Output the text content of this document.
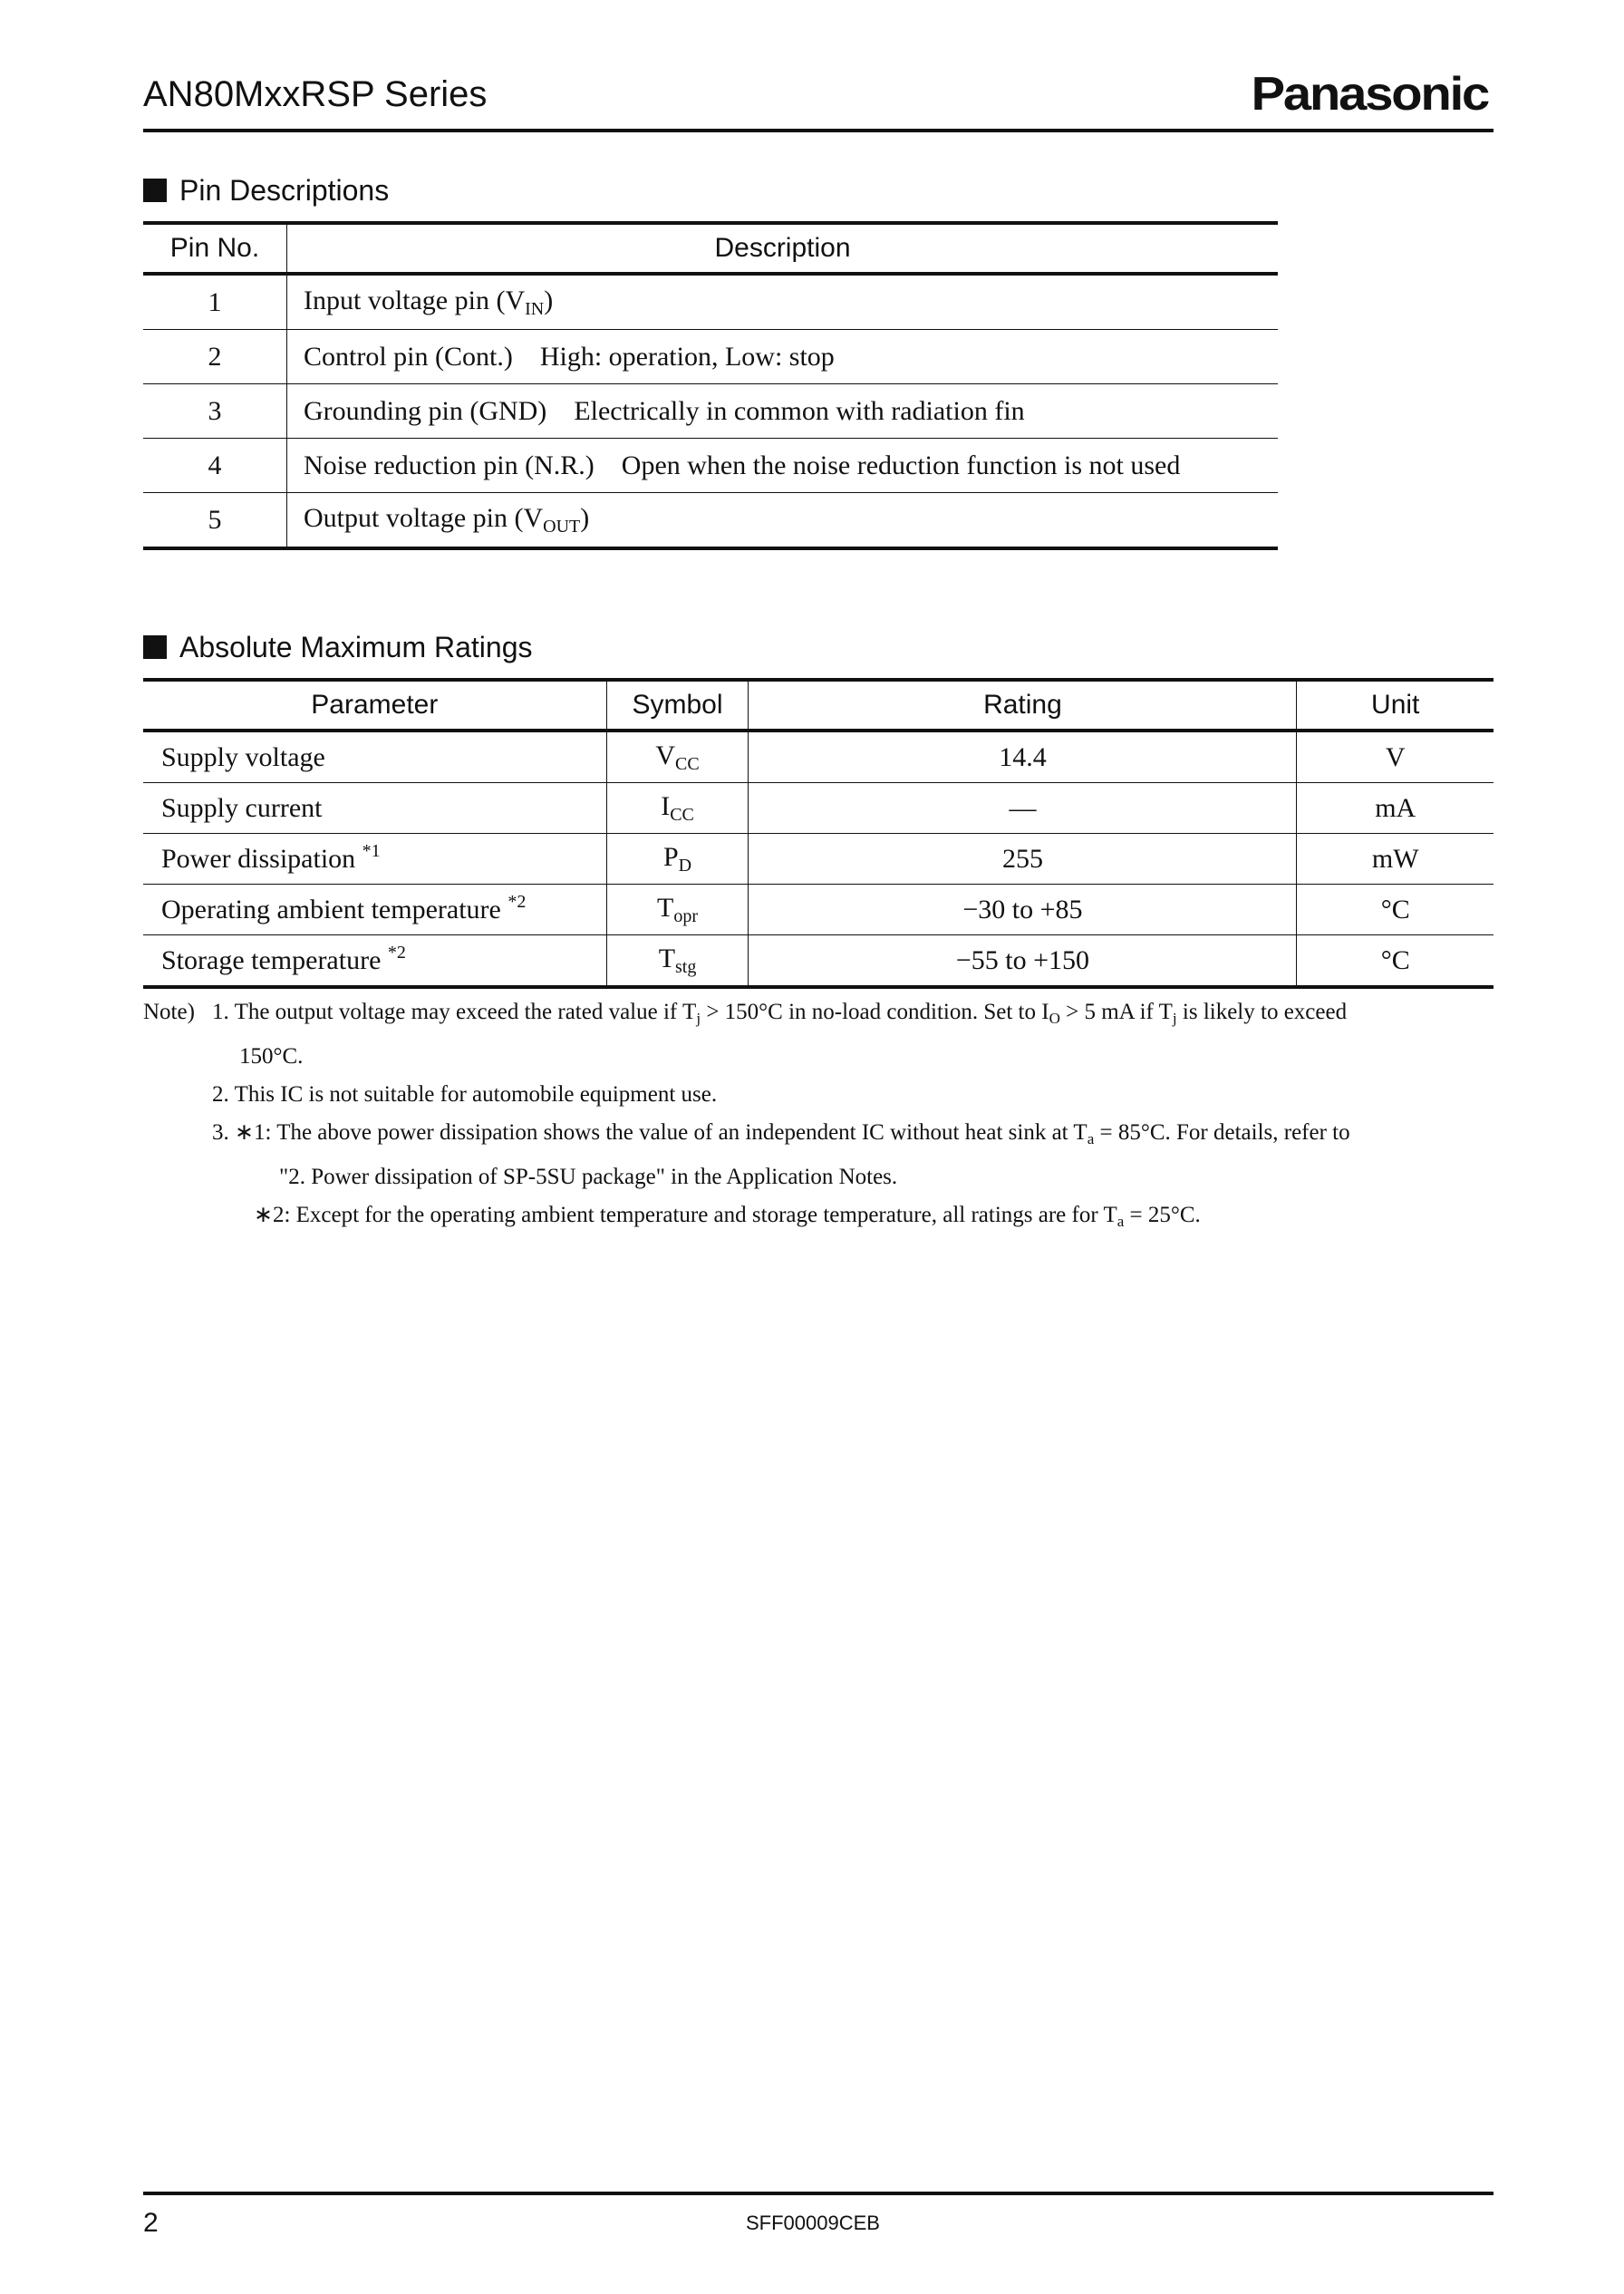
AN80MxxRSP Series	Panasonic
Pin Descriptions
Pin No.	Description
1	Input voltage pin $(V_{IN})$
2	Control pin (Cont.) High: operation, Low: stop
3	Grounding pin (GND) Electrically in common with radiation fin
4	Noise reduction pin (N.R.) Open when the noise reduction function is not used
5	Output voltage pin $(V_{OUT})$
Absolute Maximum Ratings
Parameter	Symbol	Rating	Unit
Supply voltage	$V_{CC}$	14.4	V
Supply current	$I_{CC}$	—	mA
Power dissipation $^{*1}$	$P_D$	255	mW
Operating ambient temperature $^{*2}$	$T_{opr}$	−30 to +85	°C
Storage temperature $^{*2}$	$T_{stg}$	−55 to +150	°C
Note) 1. The output voltage may exceed the rated value if $T_j > 150^\circ C$ in no-load condition. Set to $I_O > 5$ mA if $T_j$ is likely to exceed
150°C.
2. This IC is not suitable for automobile equipment use.
3. ∗1: The above power dissipation shows the value of an independent IC without heat sink at $T_a = 85^\circ C$. For details, refer to
"2. Power dissipation of SP-5SU package" in the Application Notes.
∗2: Except for the operating ambient temperature and storage temperature, all ratings are for $T_a = 25^\circ C$.
2	SFF00009CEB
